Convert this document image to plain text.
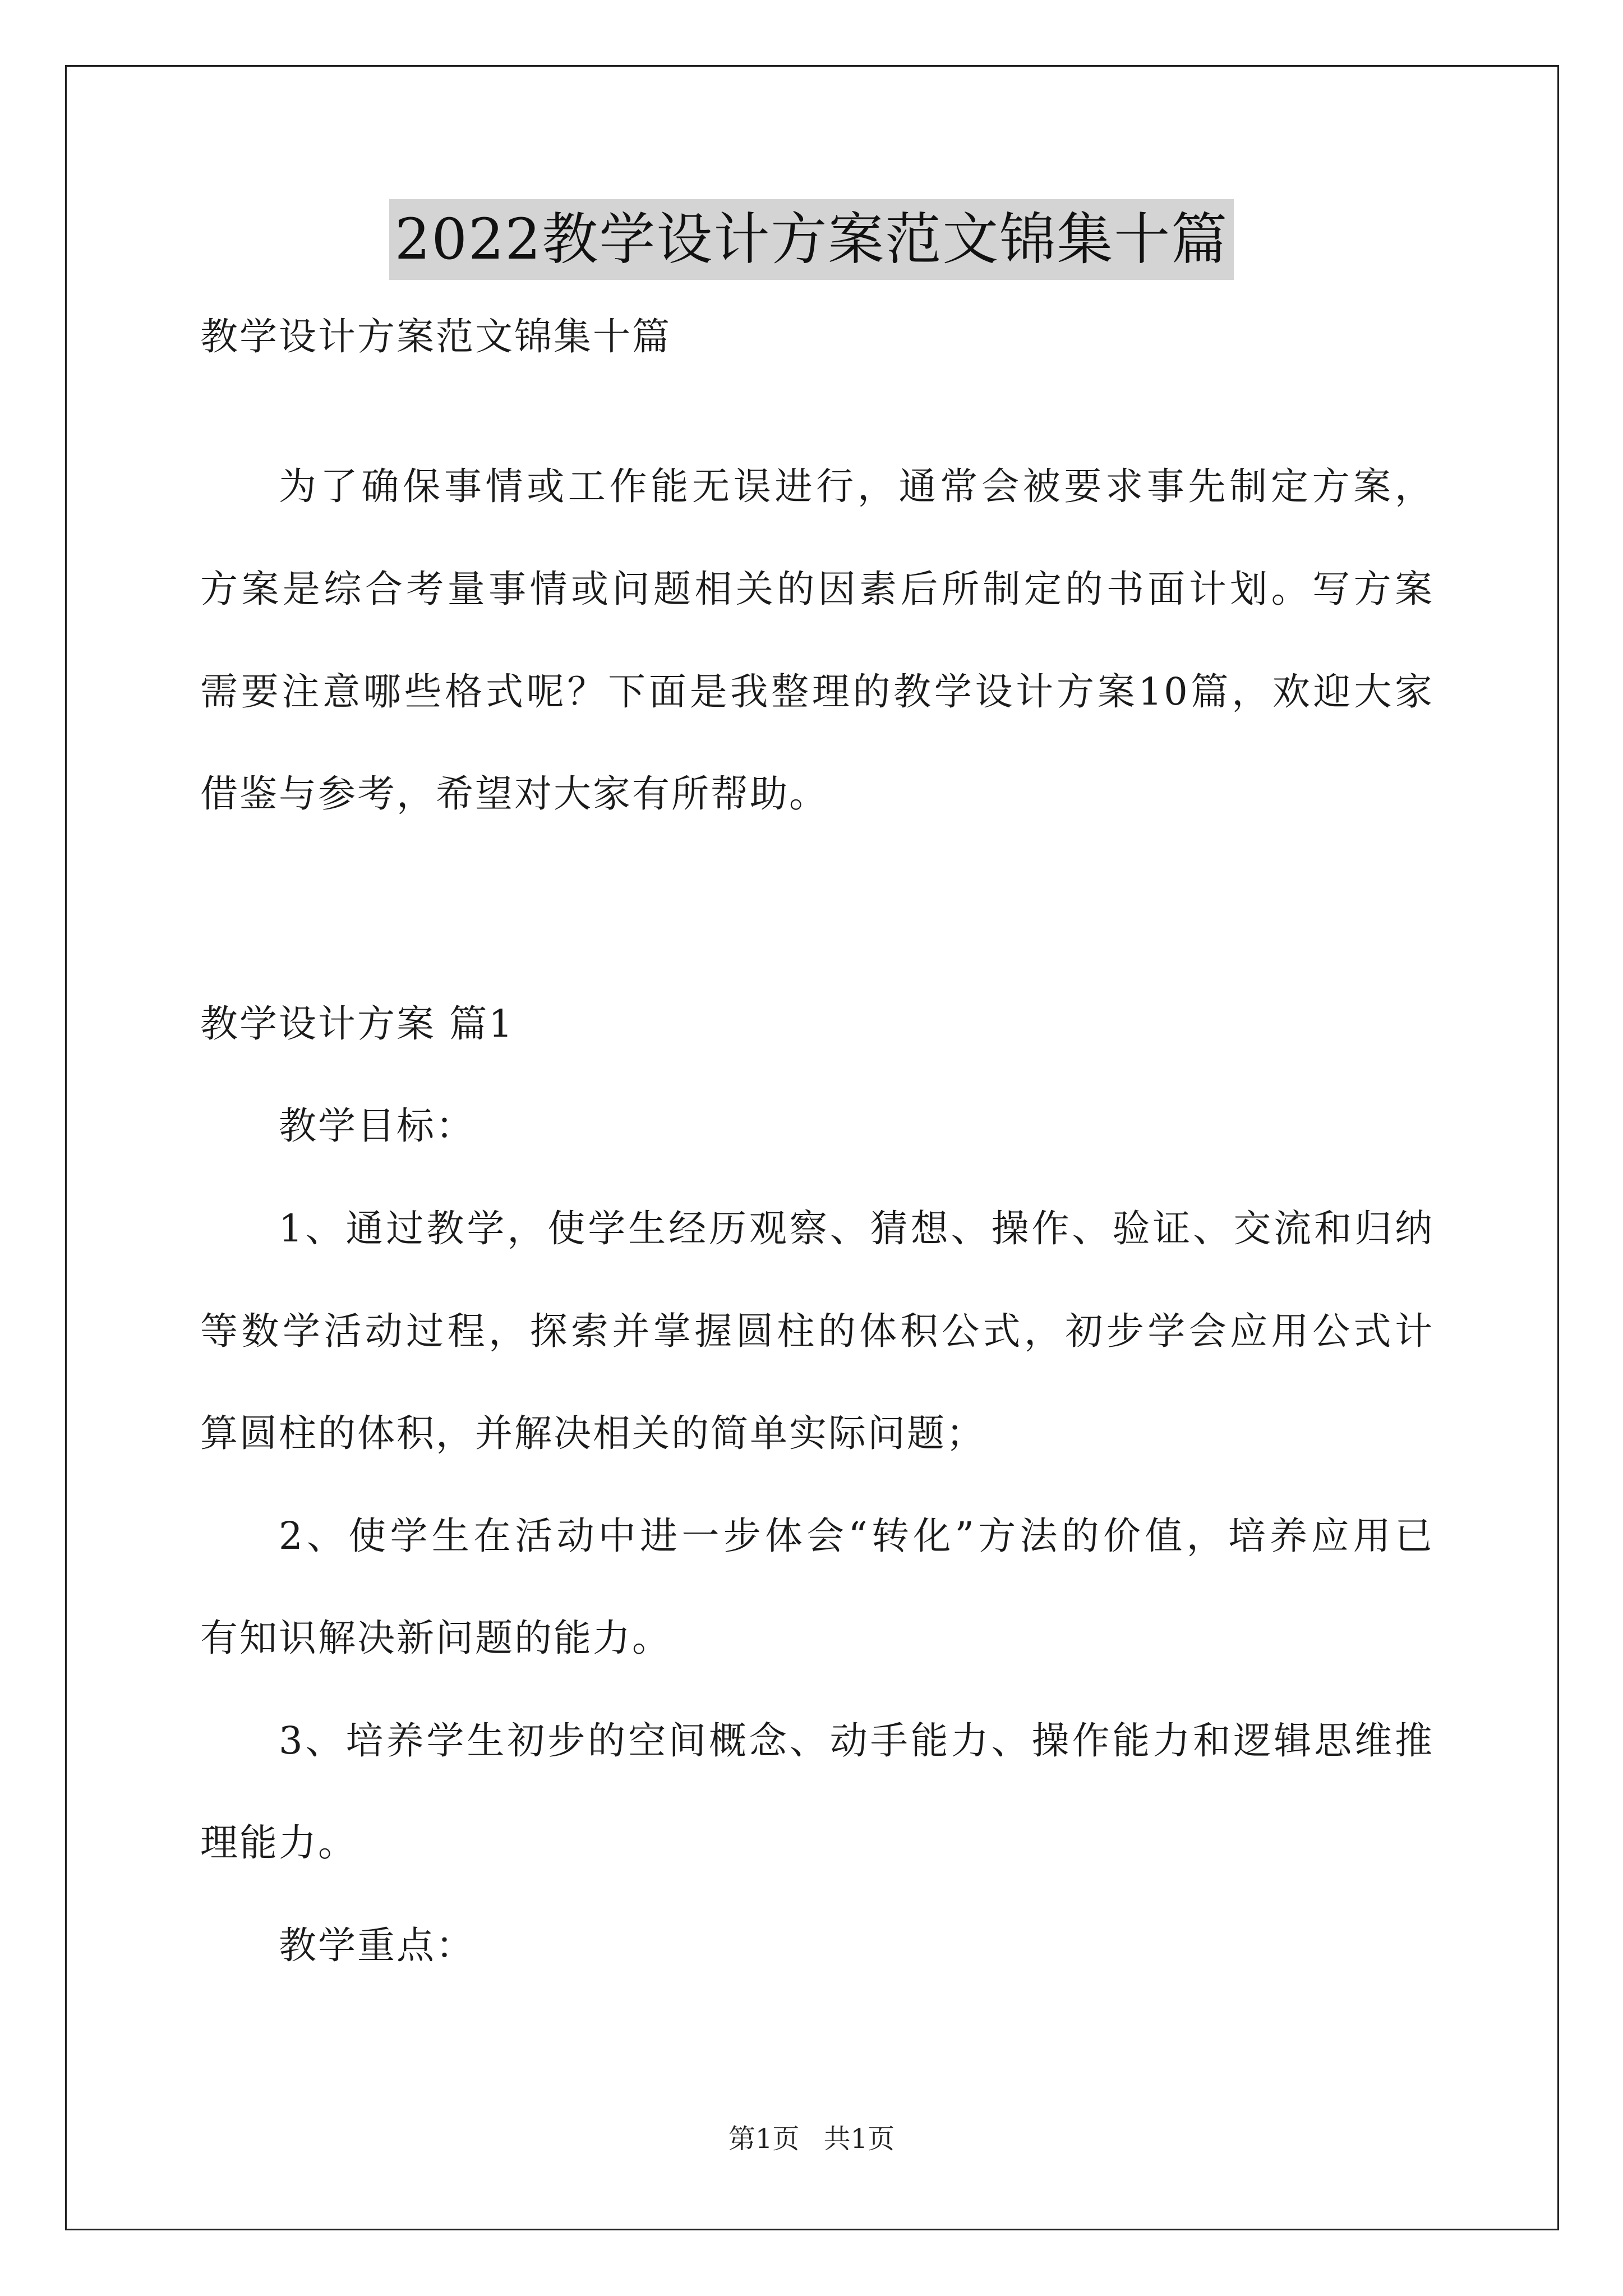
2022教学设计方案范文锦集十篇
教学设计方案范文锦集十篇
为了确保事情或工作能无误进行，通常会被要求事先制定方案，
方案是综合考量事情或问题相关的因素后所制定的书面计划。写方案
需要注意哪些格式呢？下面是我整理的教学设计方案10篇，欢迎大家
借鉴与参考，希望对大家有所帮助。
教学设计方案 篇1
教学目标：
1、通过教学，使学生经历观察、猜想、操作、验证、交流和归纳
等数学活动过程，探索并掌握圆柱的体积公式，初步学会应用公式计
算圆柱的体积，并解决相关的简单实际问题；
2、使学生在活动中进一步体会“转化”方法的价值，培养应用已
有知识解决新问题的能力。
3、培养学生初步的空间概念、动手能力、操作能力和逻辑思维推
理能力。
教学重点：
第1页 共1页
